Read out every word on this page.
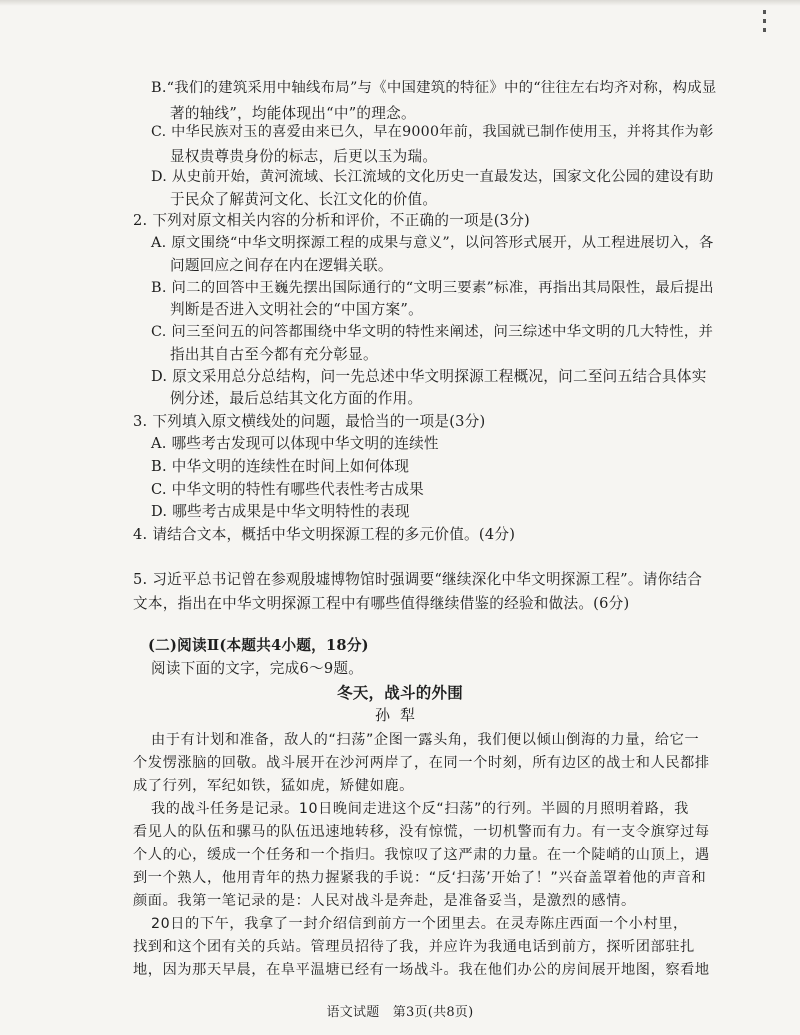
B.“我们的建筑采用中轴线布局”与《中国建筑的特征》中的“往往左右均齐对称，构成显
著的轴线”，均能体现出“中”的理念。
C. 中华民族对玉的喜爱由来已久，早在9000年前，我国就已制作使用玉，并将其作为彰
显权贵尊贵身份的标志，后更以玉为瑞。
D. 从史前开始，黄河流域、长江流域的文化历史一直最发达，国家文化公园的建设有助
于民众了解黄河文化、长江文化的价值。
2. 下列对原文相关内容的分析和评价，不正确的一项是(3分)
A. 原文围绕“中华文明探源工程的成果与意义”，以问答形式展开，从工程进展切入，各
问题回应之间存在内在逻辑关联。
B. 问二的回答中王巍先摆出国际通行的“文明三要素”标准，再指出其局限性，最后提出
判断是否进入文明社会的“中国方案”。
C. 问三至问五的问答都围绕中华文明的特性来阐述，问三综述中华文明的几大特性，并
指出其自古至今都有充分彰显。
D. 原文采用总分总结构，问一先总述中华文明探源工程概况，问二至问五结合具体实
例分述，最后总结其文化方面的作用。
3. 下列填入原文横线处的问题，最恰当的一项是(3分)
A. 哪些考古发现可以体现中华文明的连续性
B. 中华文明的连续性在时间上如何体现
C. 中华文明的特性有哪些代表性考古成果
D. 哪些考古成果是中华文明特性的表现
4. 请结合文本，概括中华文明探源工程的多元价值。(4分)
5. 习近平总书记曾在参观殷墟博物馆时强调要“继续深化中华文明探源工程”。请你结合
文本，指出在中华文明探源工程中有哪些值得继续借鉴的经验和做法。(6分)
(二)阅读Ⅱ(本题共4小题，18分)
阅读下面的文字，完成6～9题。
冬天，战斗的外围
孙犁
由于有计划和准备，敌人的“扫荡”企图一露头角，我们便以倾山倒海的力量，给它一
个发愣涨脑的回敬。战斗展开在沙河两岸了，在同一个时刻，所有边区的战士和人民都排
成了行列，军纪如铁，猛如虎，矫健如鹿。
我的战斗任务是记录。10日晚间走进这个反“扫荡”的行列。半圆的月照明着路，我
看见人的队伍和骡马的队伍迅速地转移，没有惊慌，一切机警而有力。有一支令旗穿过每
个人的心，缓成一个任务和一个指归。我惊叹了这严肃的力量。在一个陡峭的山顶上，遇
到一个熟人，他用青年的热力握紧我的手说：“反‘扫荡’开始了！”兴奋盖罩着他的声音和
颜面。我第一笔记录的是：人民对战斗是奔赴，是准备妥当，是激烈的感情。
20日的下午，我拿了一封介绍信到前方一个团里去。在灵寿陈庄西面一个小村里，
找到和这个团有关的兵站。管理员招待了我，并应许为我通电话到前方，探听团部驻扎
地，因为那天早晨，在阜平温塘已经有一场战斗。我在他们办公的房间展开地图，察看地
语文试题　第3页(共8页)
